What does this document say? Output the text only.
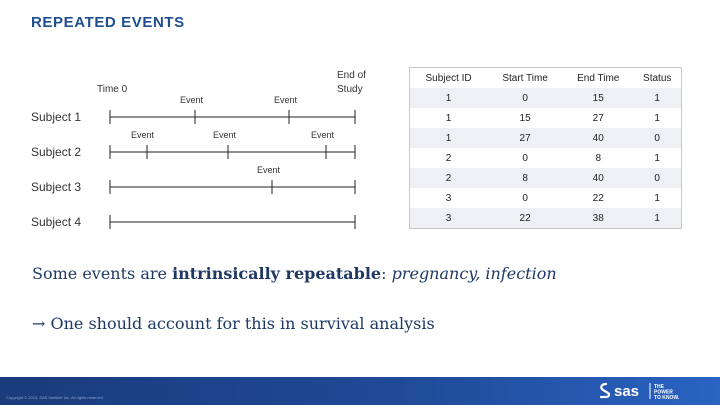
REPEATED EVENTS
Time 0
End of
Study
Subject 1
Subject 2
Subject 3
Subject 4
Event	Event
Event	Event	Event
Event
Subject ID	Start Time	End Time	Status
1	0	15	1
1	15	27	1
1	27	40	0
2	0	8	1
2	8	40	0
3	0	22	1
3	22	38	1
Some events are intrinsically repeatable: pregnancy, infection
→ One should account for this in survival analysis
Copyright © 2013, SAS Institute Inc. All rights reserved.	sas	THE
POWER
TO KNOW.
